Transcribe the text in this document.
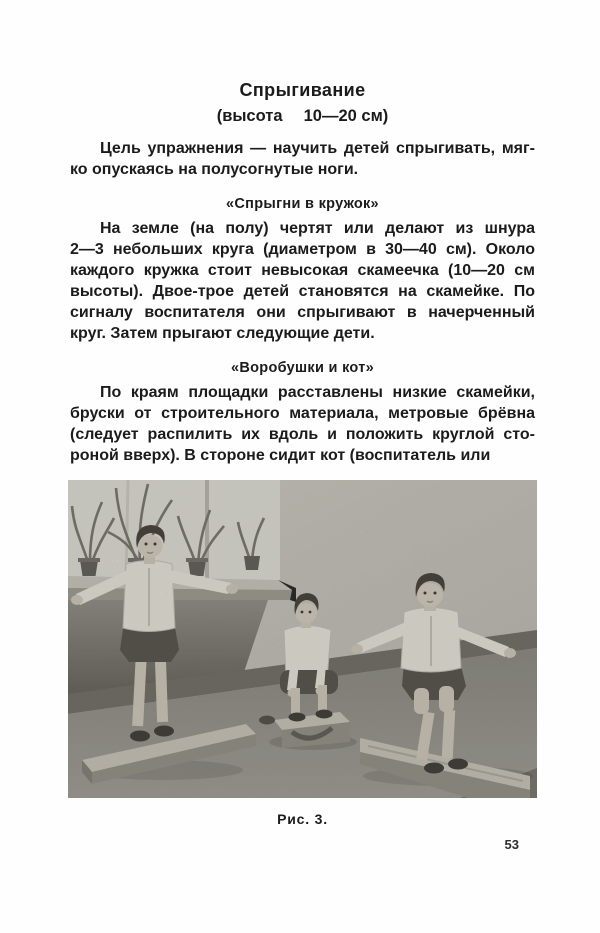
Спрыгивание
(высота  10—20 см)
Цель упражнения — научить детей спрыгивать, мяг-
ко опускаясь на полусогнутые ноги.
«Спрыгни в кружок»
На земле (на полу) чертят или делают из шнура
2—3 небольших круга (диаметром в 30—40 см). Около
каждого кружка стоит невысокая скамеечка (10—20 см
высоты). Двое-трое детей становятся на скамейке. По
сигналу воспитателя они спрыгивают в начерченный
круг. Затем прыгают следующие дети.
«Воробушки и кот»
По краям площадки расставлены низкие скамейки,
бруски от строительного материала, метровые брёвна
(следует распилить их вдоль и положить круглой сто-
роной вверх). В стороне сидит кот (воспитатель или
Рис. 3.
53
